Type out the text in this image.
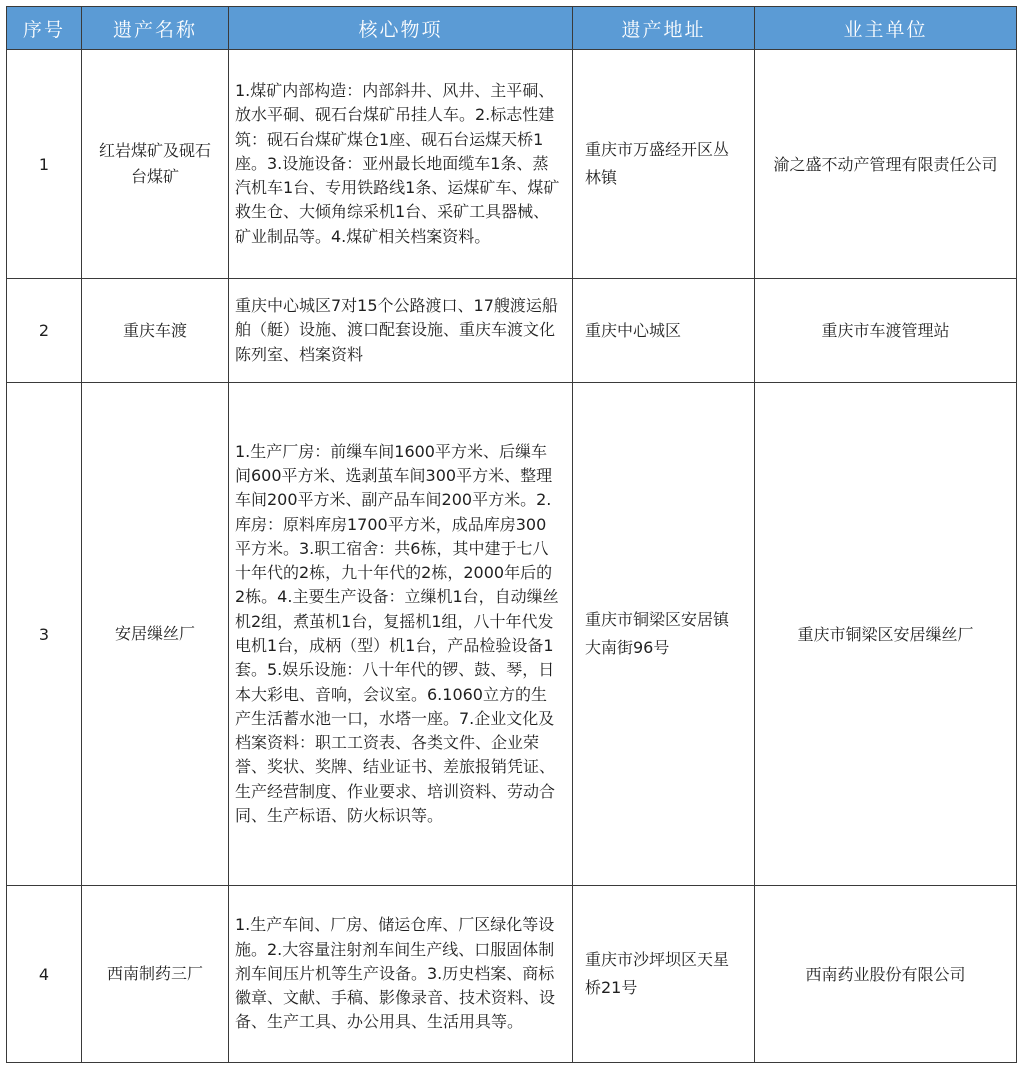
序号	遗产名称	核心物项	遗产地址	业主单位
1	红岩煤矿及砚石台煤矿	1.煤矿内部构造：内部斜井、风井、主平硐、放水平硐、砚石台煤矿吊挂人车。2.标志性建筑：砚石台煤矿煤仓1座、砚石台运煤天桥1座。3.设施设备：亚州最长地面缆车1条、蒸汽机车1台、专用铁路线1条、运煤矿车、煤矿救生仓、大倾角综采机1台、采矿工具器械、矿业制品等。4.煤矿相关档案资料。	重庆市万盛经开区丛林镇	渝之盛不动产管理有限责任公司
2	重庆车渡	重庆中心城区7对15个公路渡口、17艘渡运船舶（艇）设施、渡口配套设施、重庆车渡文化陈列室、档案资料	重庆中心城区	重庆市车渡管理站
3	安居缫丝厂	1.生产厂房：前缫车间1600平方米、后缫车间600平方米、选剥茧车间300平方米、整理车间200平方米、副产品车间200平方米。2.库房：原料库房1700平方米，成品库房300平方米。3.职工宿舍：共6栋，其中建于七八十年代的2栋，九十年代的2栋，2000年后的2栋。4.主要生产设备：立缫机1台，自动缫丝机2组，煮茧机1台，复摇机1组，八十年代发电机1台，成柄（型）机1台，产品检验设备1套。5.娱乐设施：八十年代的锣、鼓、琴，日本大彩电、音响，会议室。6.1060立方的生产生活蓄水池一口，水塔一座。7.企业文化及档案资料：职工工资表、各类文件、企业荣誉、奖状、奖牌、结业证书、差旅报销凭证、生产经营制度、作业要求、培训资料、劳动合同、生产标语、防火标识等。	重庆市铜梁区安居镇大南街96号	重庆市铜梁区安居缫丝厂
4	西南制药三厂	1.生产车间、厂房、储运仓库、厂区绿化等设施。2.大容量注射剂车间生产线、口服固体制剂车间压片机等生产设备。3.历史档案、商标徽章、文献、手稿、影像录音、技术资料、设备、生产工具、办公用具、生活用具等。	重庆市沙坪坝区天星桥21号	西南药业股份有限公司
